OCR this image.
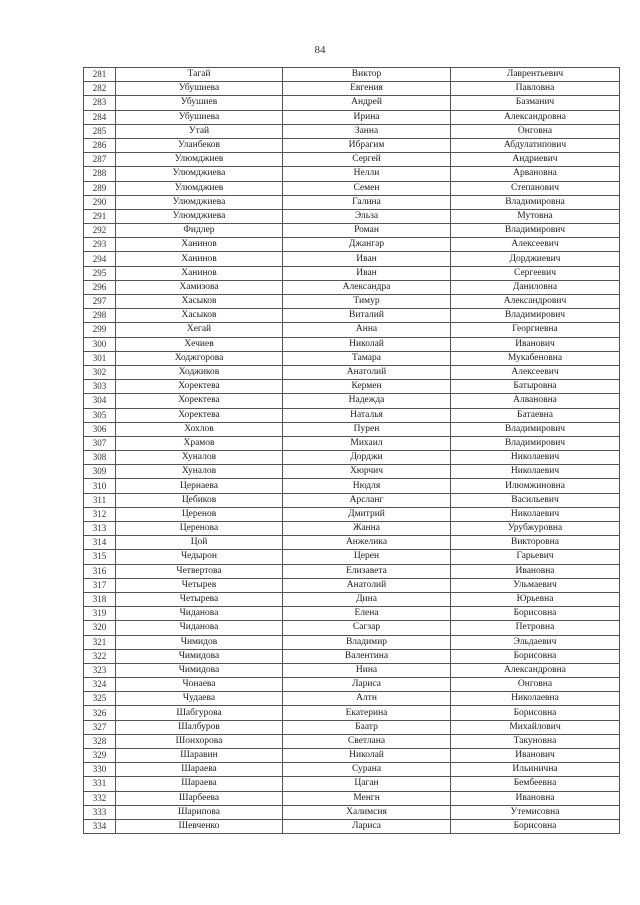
84
281	Тагай	Виктор	Лаврентьевич
282	Убушиева	Евгения	Павловна
283	Убушиев	Андрей	Базманич
284	Убушиева	Ирина	Александровна
285	Утай	Занна	Онговна
286	Уланбеков	Ибрагим	Абдулатипович
287	Улюмджиев	Сергей	Андриевич
288	Улюмджиева	Нелли	Арвановна
289	Улюмджиев	Семен	Степанович
290	Улюмджиева	Галина	Владимировна
291	Улюмджиева	Эльза	Мутовна
292	Фидлер	Роман	Владимирович
293	Ханинов	Джангар	Алексеевич
294	Ханинов	Иван	Дорджиевич
295	Ханинов	Иван	Сергеевич
296	Хамизова	Александра	Даниловна
297	Хасыков	Тимур	Александрович
298	Хасыков	Виталий	Владимирович
299	Хегай	Анна	Георгиевна
300	Хечиев	Николай	Иванович
301	Ходжгорова	Тамара	Мукабеновна
302	Ходжиков	Анатолий	Алексеевич
303	Хоректева	Кермен	Батыровна
304	Хоректева	Надежда	Алвановна
305	Хоректева	Наталья	Батаевна
306	Хохлов	Пурен	Владимирович
307	Храмов	Михаил	Владимирович
308	Хуналов	Дорджи	Николаевич
309	Хуналов	Хюрчич	Николаевич
310	Цернаева	Нюдля	Илюмжиновна
311	Цебиков	Арсланг	Васильевич
312	Церенов	Дмитрий	Николаевич
313	Церенова	Жанна	Урубжуровна
314	Цой	Анжелика	Викторовна
315	Чедырон	Церен	Гарьевич
316	Четвертова	Елизавета	Ивановна
317	Четырев	Анатолий	Ульмаевич
318	Четырева	Дина	Юрьевна
319	Чиданова	Елена	Борисовна
320	Чиданова	Сагзар	Петровна
321	Чимидов	Владимир	Эльдаевич
322	Чимидова	Валентина	Борисовна
323	Чимидова	Нина	Александровна
324	Чонаева	Лариса	Онговна
325	Чудаева	Алтн	Николаевна
326	Шабгурова	Екатерина	Борисовна
327	Шалбуров	Баатр	Михайлович
328	Шонхорова	Светлана	Такуновна
329	Шаравин	Николай	Иванович
330	Шараева	Сурана	Ильинична
331	Шараева	Цаган	Бембеевна
332	Шарбеева	Менгн	Ивановна
333	Шарипова	Халимсия	Утемисовна
334	Шевченко	Лариса	Борисовна
